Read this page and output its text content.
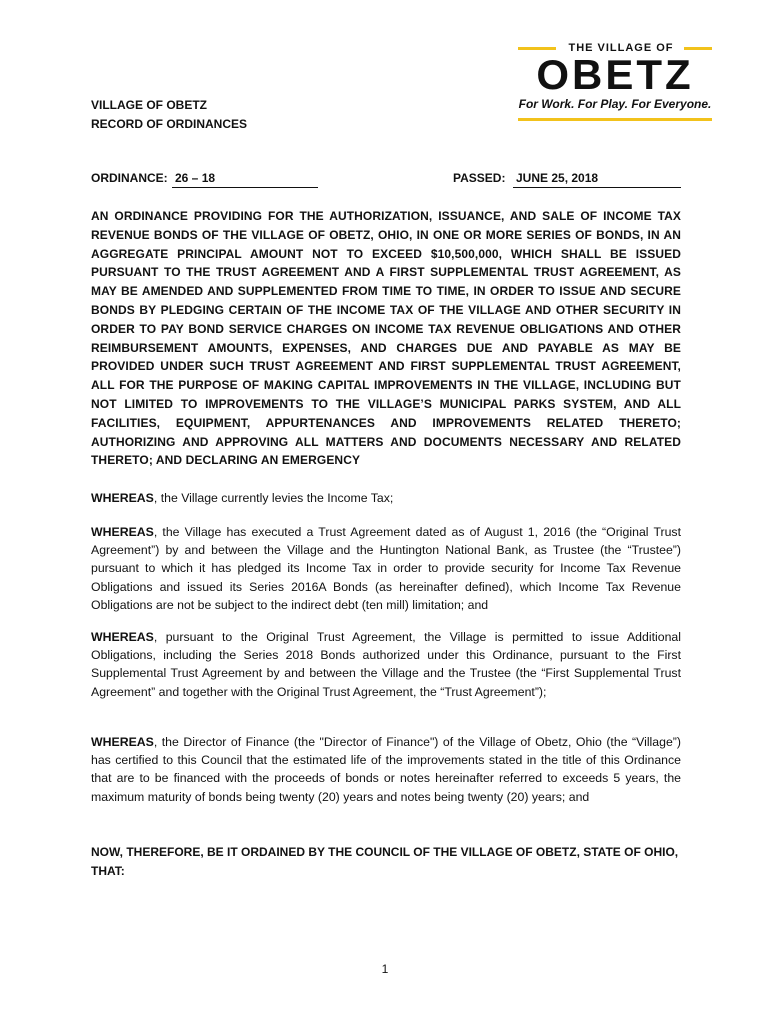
THE VILLAGE OF
OBETZ
For Work. For Play. For Everyone.
VILLAGE OF OBETZ
RECORD OF ORDINANCES
ORDINANCE: 26 – 18	PASSED: JUNE 25, 2018
AN ORDINANCE PROVIDING FOR THE AUTHORIZATION, ISSUANCE, AND SALE OF INCOME TAX REVENUE BONDS OF THE VILLAGE OF OBETZ, OHIO, IN ONE OR MORE SERIES OF BONDS, IN AN AGGREGATE PRINCIPAL AMOUNT NOT TO EXCEED $10,500,000, WHICH SHALL BE ISSUED PURSUANT TO THE TRUST AGREEMENT AND A FIRST SUPPLEMENTAL TRUST AGREEMENT, AS MAY BE AMENDED AND SUPPLEMENTED FROM TIME TO TIME, IN ORDER TO ISSUE AND SECURE BONDS BY PLEDGING CERTAIN OF THE INCOME TAX OF THE VILLAGE AND OTHER SECURITY IN ORDER TO PAY BOND SERVICE CHARGES ON INCOME TAX REVENUE OBLIGATIONS AND OTHER REIMBURSEMENT AMOUNTS, EXPENSES, AND CHARGES DUE AND PAYABLE AS MAY BE PROVIDED UNDER SUCH TRUST AGREEMENT AND FIRST SUPPLEMENTAL TRUST AGREEMENT, ALL FOR THE PURPOSE OF MAKING CAPITAL IMPROVEMENTS IN THE VILLAGE, INCLUDING BUT NOT LIMITED TO IMPROVEMENTS TO THE VILLAGE’S MUNICIPAL PARKS SYSTEM, AND ALL FACILITIES, EQUIPMENT, APPURTENANCES AND IMPROVEMENTS RELATED THERETO; AUTHORIZING AND APPROVING ALL MATTERS AND DOCUMENTS NECESSARY AND RELATED THERETO; AND DECLARING AN EMERGENCY
WHEREAS, the Village currently levies the Income Tax;
WHEREAS, the Village has executed a Trust Agreement dated as of August 1, 2016 (the “Original Trust Agreement”) by and between the Village and the Huntington National Bank, as Trustee (the “Trustee”) pursuant to which it has pledged its Income Tax in order to provide security for Income Tax Revenue Obligations and issued its Series 2016A Bonds (as hereinafter defined), which Income Tax Revenue Obligations are not be subject to the indirect debt (ten mill) limitation; and
WHEREAS, pursuant to the Original Trust Agreement, the Village is permitted to issue Additional Obligations, including the Series 2018 Bonds authorized under this Ordinance, pursuant to the First Supplemental Trust Agreement by and between the Village and the Trustee (the “First Supplemental Trust Agreement” and together with the Original Trust Agreement, the “Trust Agreement”);
WHEREAS, the Director of Finance (the "Director of Finance") of the Village of Obetz, Ohio (the “Village”) has certified to this Council that the estimated life of the improvements stated in the title of this Ordinance that are to be financed with the proceeds of bonds or notes hereinafter referred to exceeds 5 years, the maximum maturity of bonds being twenty (20) years and notes being twenty (20) years; and
NOW, THEREFORE, BE IT ORDAINED BY THE COUNCIL OF THE VILLAGE OF OBETZ, STATE OF OHIO, THAT:
1
